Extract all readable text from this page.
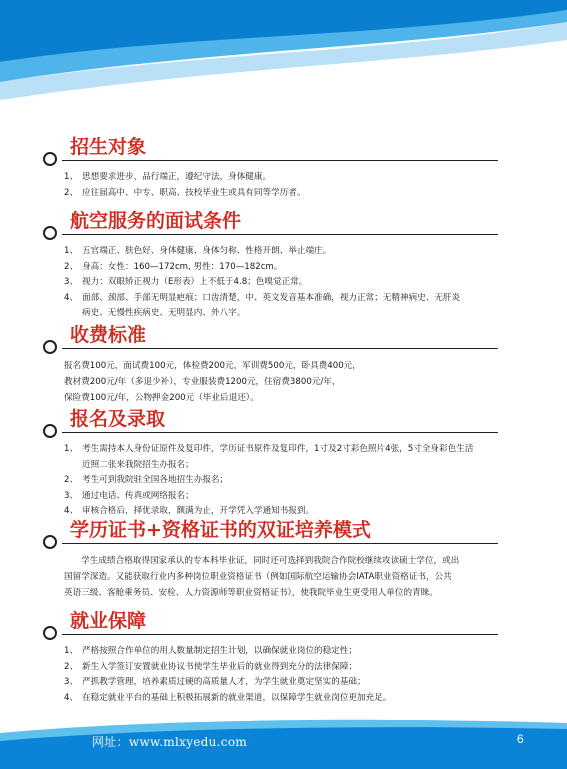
招生对象
1、 思想要求进步，品行端正，遵纪守法，身体健康。
2、 应往届高中、中专、职高、技校毕业生或具有同等学历者。
航空服务的面试条件
1、 五官端正、肤色好、身体健康、身体匀称、性格开朗、举止端庄。
2、 身高：女性：160—172cm, 男性：170—182cm。
3、 视力：双眼矫正视力（E形表）上不低于4.8；色嗅觉正常。
4、 面部、颈部、手部无明显疤痕；口齿清楚，中、英文发音基本准确，视力正常；无精神病史、无肝炎
病史、无慢性疾病史、无明显内、外八字。
收费标准
报名费100元，面试费100元，体检费200元，军训费500元，卧具费400元，
教材费200元/年（多退少补），专业服装费1200元，住宿费3800元/年，
保险费100元/年，公物押金200元（毕业后退还）。
报名及录取
1、 考生需持本人身份证原件及复印件，学历证书原件及复印件，1寸及2寸彩色照片4张，5寸全身彩色生活
近照二张来我院招生办报名；
2、 考生可到我院驻全国各地招生办报名；
3、 通过电话、传真或网络报名；
4、 审核合格后，择优录取，额满为止，开学凭入学通知书报到。
学历证书+资格证书的双证培养模式
　　学生成绩合格取得国家承认的专本科毕业证，同时还可选择到我院合作院校继续攻读硕士学位，或出
国留学深造。又能获取行业内多种岗位职业资格证书（例如国际航空运输协会IATA职业资格证书，公共
英语三级、客舱乘务员、安检、人力资源师等职业资格证书），使我院毕业生更受用人单位的青睐。
就业保障
1、 严格按照合作单位的用人数量制定招生计划，以确保就业岗位的稳定性；
2、 新生入学签订安置就业协议书使学生毕业后的就业得到充分的法律保障；
3、 严抓教学管理，培养素质过硬的高质量人才，为学生就业奠定坚实的基础；
4、 在稳定就业平台的基础上积极拓展新的就业渠道，以保障学生就业岗位更加充足。
网址：www.mlxyedu.com	6
